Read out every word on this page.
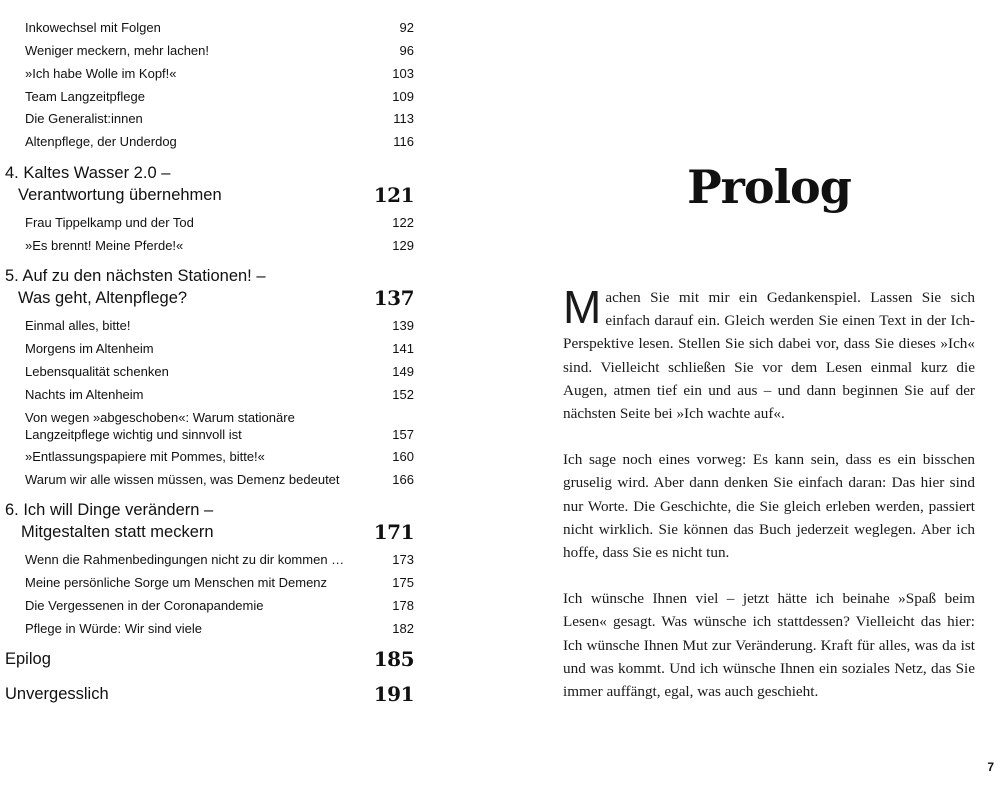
Inkowechsel mit Folgen	92
Weniger meckern, mehr lachen!	96
»Ich habe Wolle im Kopf!«	103
Team Langzeitpflege	109
Die Generalist:innen	113
Altenpflege, der Underdog	116
4. Kaltes Wasser 2.0 –
Verantwortung übernehmen	121
Frau Tippelkamp und der Tod	122
»Es brennt! Meine Pferde!«	129
5. Auf zu den nächsten Stationen! –
Was geht, Altenpflege?	137
Einmal alles, bitte!	139
Morgens im Altenheim	141
Lebensqualität schenken	149
Nachts im Altenheim	152
Von wegen »abgeschoben«: Warum stationäre
Langzeitpflege wichtig und sinnvoll ist	157
»Entlassungspapiere mit Pommes, bitte!«	160
Warum wir alle wissen müssen, was Demenz bedeutet	166
6. Ich will Dinge verändern –
Mitgestalten statt meckern	171
Wenn die Rahmenbedingungen nicht zu dir kommen …	173
Meine persönliche Sorge um Menschen mit Demenz	175
Die Vergessenen in der Coronapandemie	178
Pflege in Würde: Wir sind viele	182
Epilog	185
Unvergesslich	191
Prolog

Machen Sie mit mir ein Gedankenspiel. Lassen Sie sich einfach darauf ein. Gleich werden Sie einen Text in der Ich-Perspektive lesen. Stellen Sie sich dabei vor, dass Sie dieses »Ich« sind. Vielleicht schließen Sie vor dem Lesen einmal kurz die Augen, atmen tief ein und aus – und dann beginnen Sie auf der nächsten Seite bei »Ich wachte auf«.

Ich sage noch eines vorweg: Es kann sein, dass es ein bisschen gruselig wird. Aber dann denken Sie einfach daran: Das hier sind nur Worte. Die Geschichte, die Sie gleich erleben werden, passiert nicht wirklich. Sie können das Buch jederzeit weglegen. Aber ich hoffe, dass Sie es nicht tun.

Ich wünsche Ihnen viel – jetzt hätte ich beinahe »Spaß beim Lesen« gesagt. Was wünsche ich stattdessen? Vielleicht das hier: Ich wünsche Ihnen Mut zur Veränderung. Kraft für alles, was da ist und was kommt. Und ich wünsche Ihnen ein soziales Netz, das Sie immer auffängt, egal, was auch geschieht.

7
